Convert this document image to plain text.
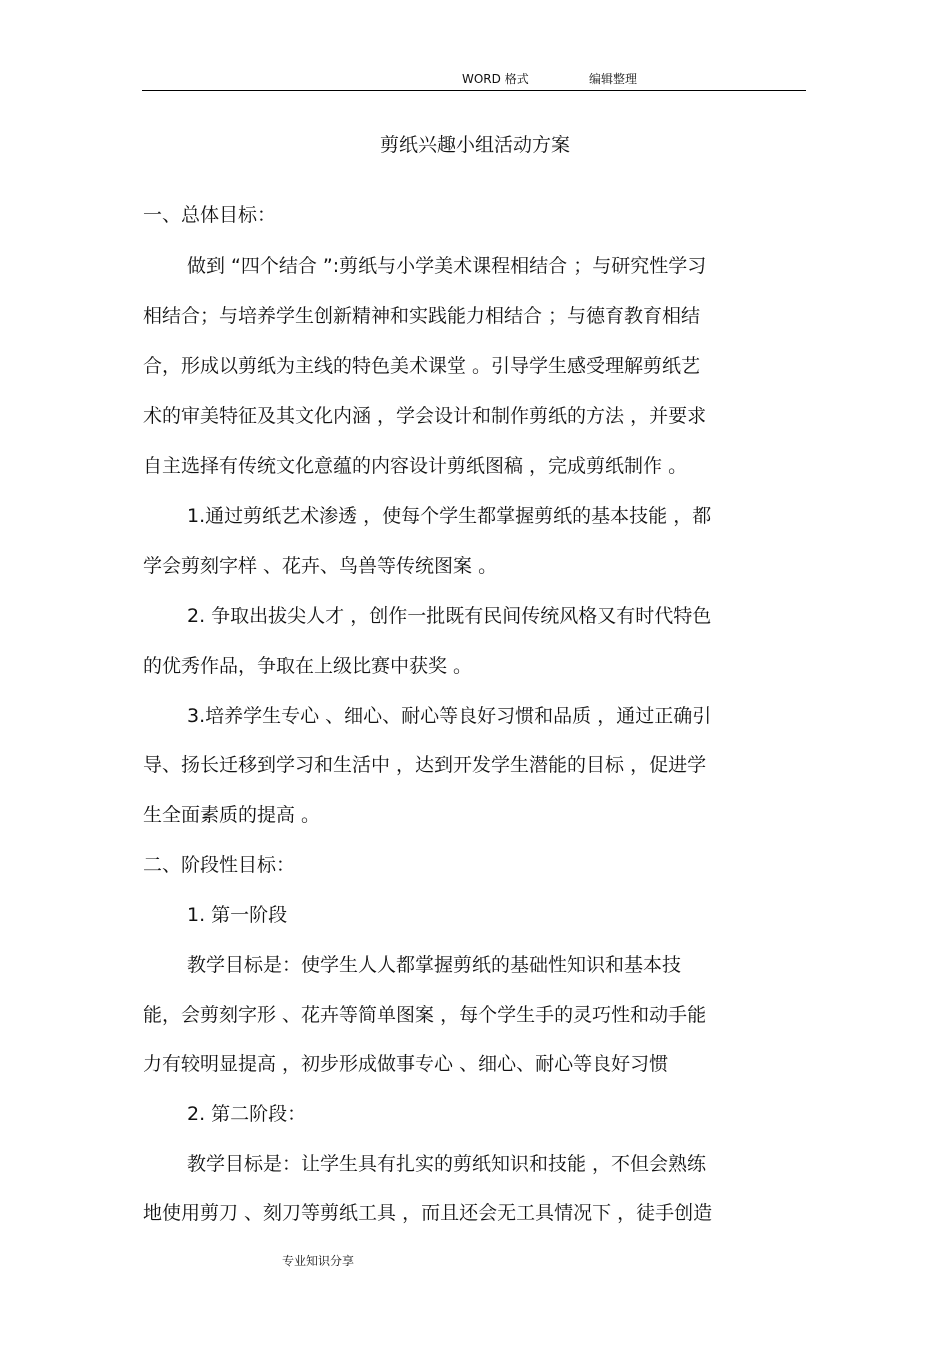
WORD 格式	编辑整理
剪纸兴趣小组活动方案
一、总体目标：
做到 “四个结合 ”:剪纸与小学美术课程相结合 ；与研究性学习
相结合；与培养学生创新精神和实践能力相结合 ；与德育教育相结
合，形成以剪纸为主线的特色美术课堂 。引导学生感受理解剪纸艺
术的审美特征及其文化内涵 ，学会设计和制作剪纸的方法 ，并要求
自主选择有传统文化意蕴的内容设计剪纸图稿 ，完成剪纸制作 。
1.通过剪纸艺术渗透 ，使每个学生都掌握剪纸的基本技能 ，都
学会剪刻字样 、花卉、鸟兽等传统图案 。
2. 争取出拔尖人才 ，创作一批既有民间传统风格又有时代特色
的优秀作品，争取在上级比赛中获奖 。
3.培养学生专心 、细心、耐心等良好习惯和品质 ，通过正确引
导、扬长迁移到学习和生活中 ，达到开发学生潜能的目标 ，促进学
生全面素质的提高 。
二、阶段性目标：
1. 第一阶段
教学目标是：使学生人人都掌握剪纸的基础性知识和基本技
能，会剪刻字形 、花卉等简单图案 ，每个学生手的灵巧性和动手能
力有较明显提高 ，初步形成做事专心 、细心、耐心等良好习惯
2. 第二阶段：
教学目标是：让学生具有扎实的剪纸知识和技能 ，不但会熟练
地使用剪刀 、刻刀等剪纸工具 ，而且还会无工具情况下 ，徒手创造
专业知识分享
